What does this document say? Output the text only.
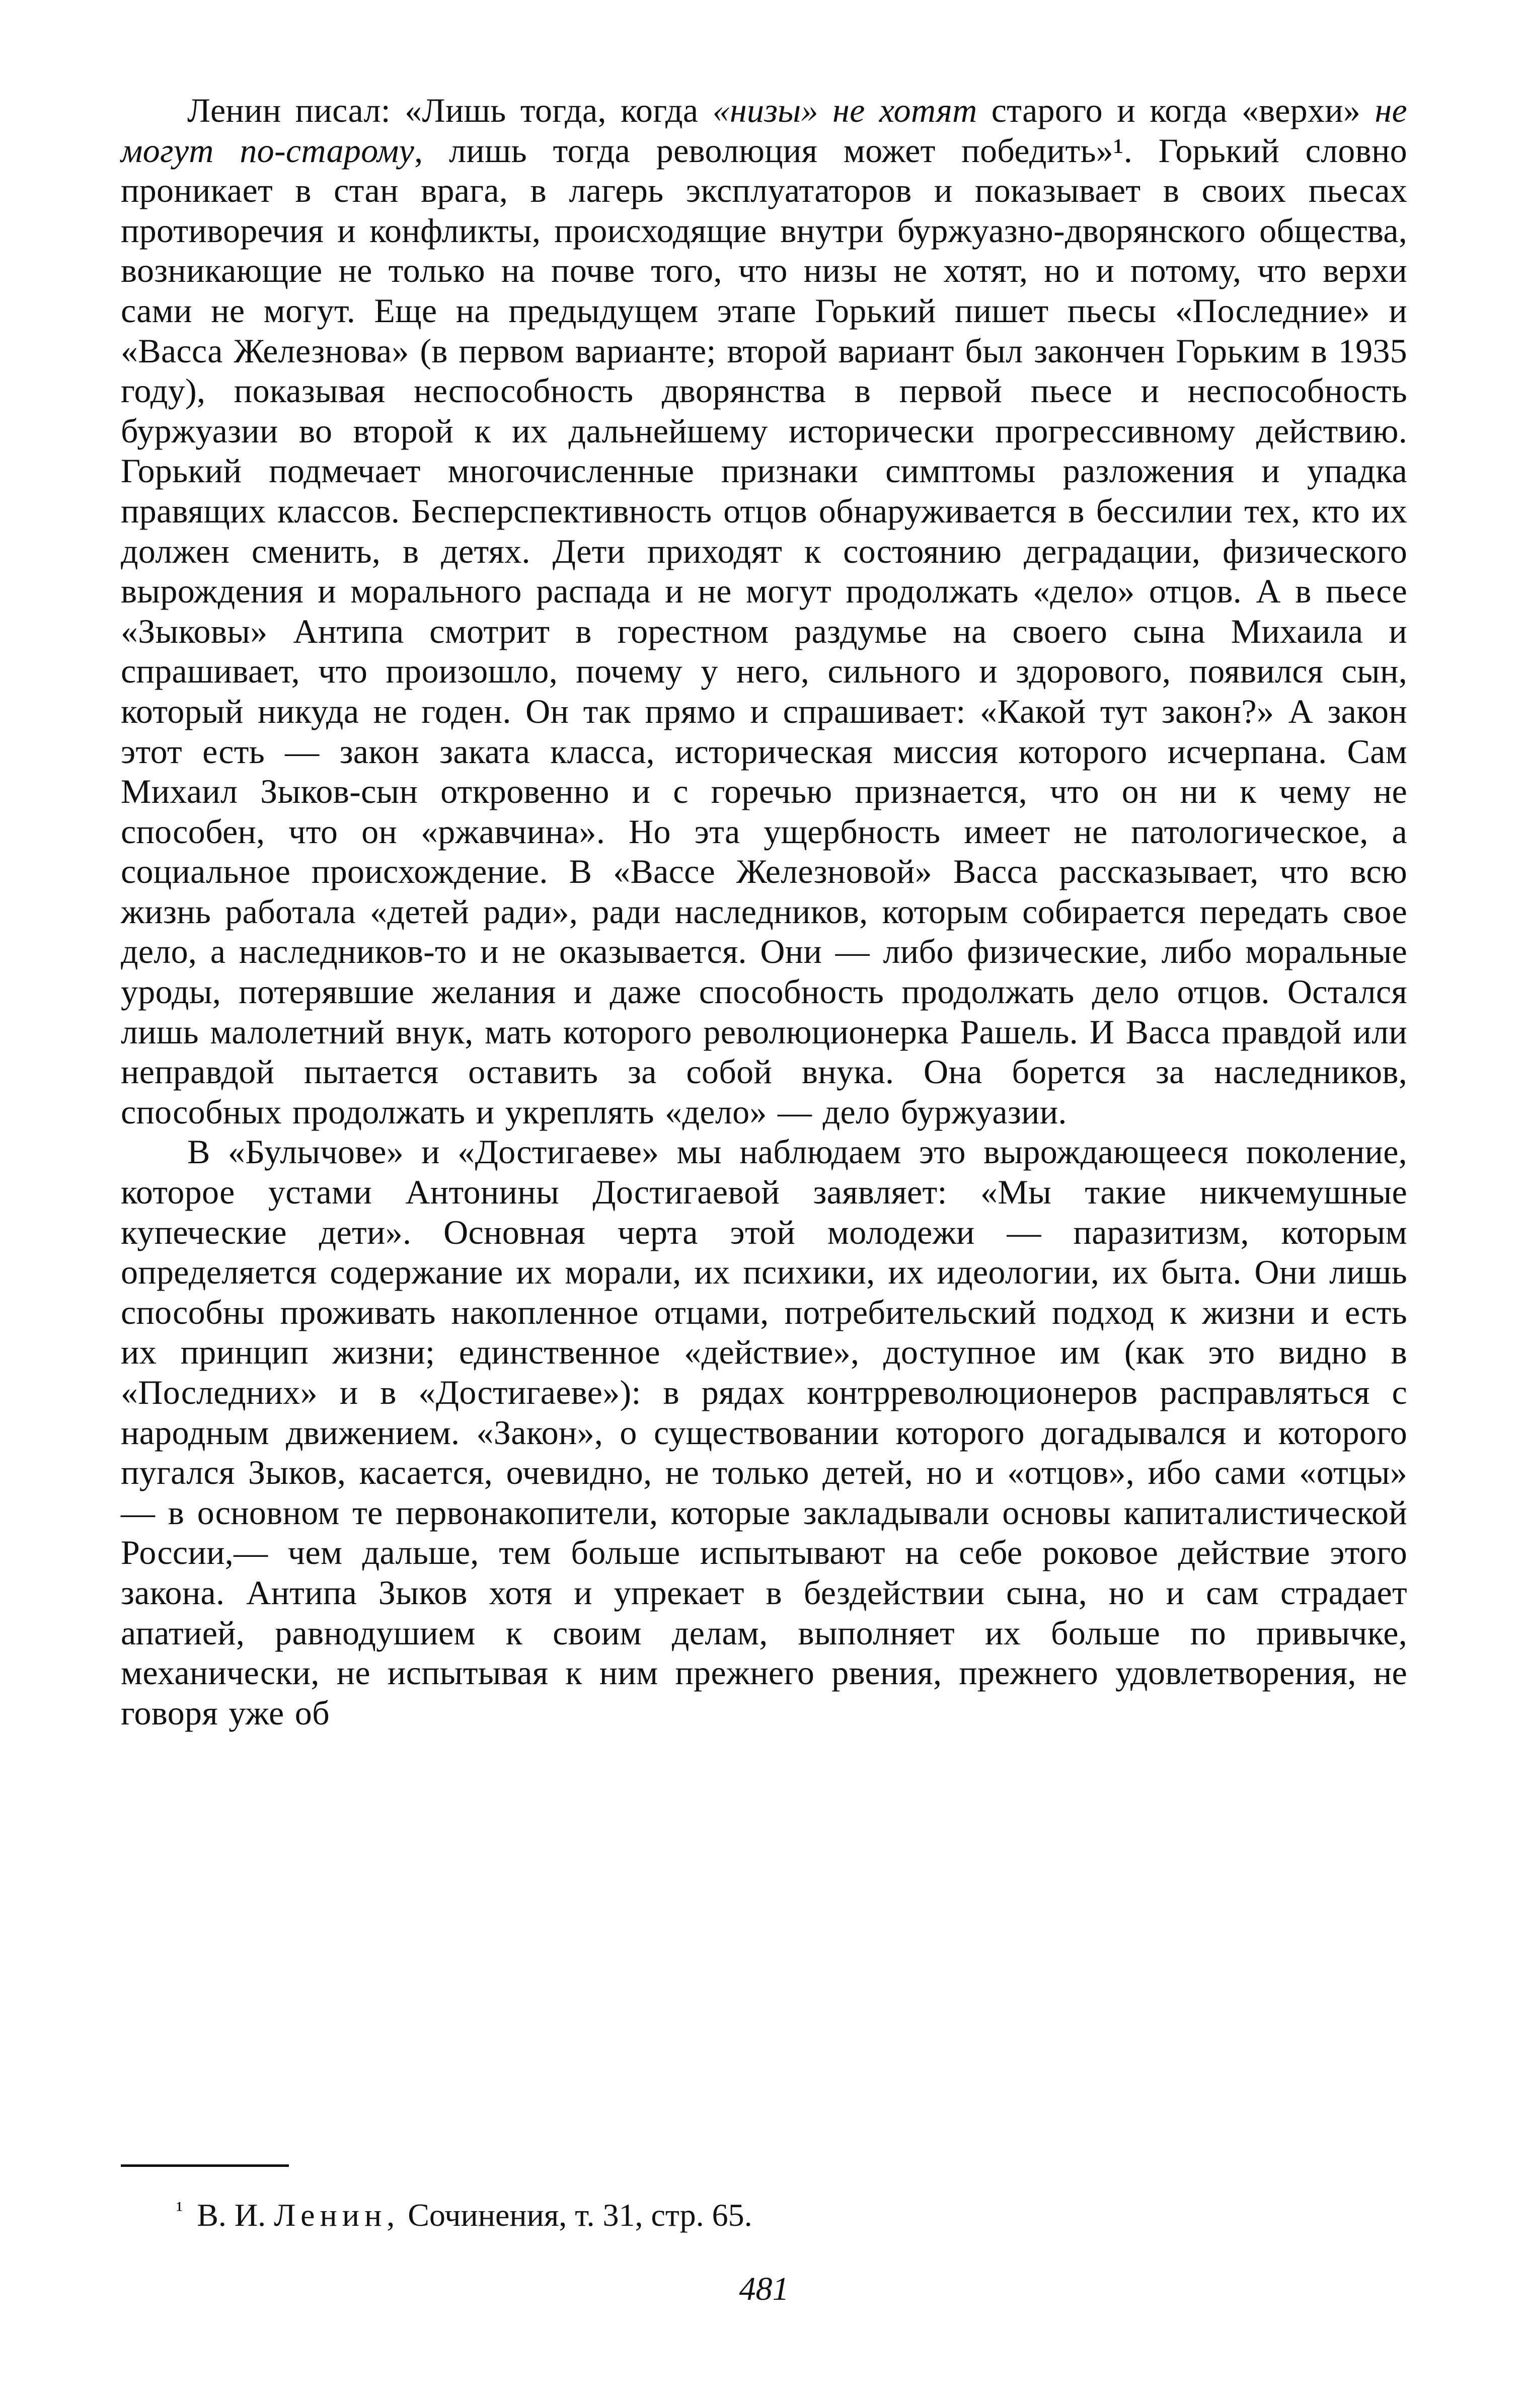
Ленин писал: «Лишь тогда, когда «низы» не хотят старого и когда «верхи» не могут по-старому, лишь тогда революция может победить»¹. Горький словно проникает в стан врага, в лагерь эксплуататоров и показывает в своих пьесах противоречия и конфликты, происходящие внутри буржуазно-дворянского общества, возникающие не только на почве того, что низы не хотят, но и потому, что верхи сами не могут. Еще на предыдущем этапе Горький пишет пьесы «Последние» и «Васса Железнова» (в первом варианте; второй вариант был закончен Горьким в 1935 году), показывая неспособность дворянства в первой пьесе и неспособность буржуазии во второй к их дальнейшему исторически прогрессивному действию. Горький подмечает многочисленные признаки симптомы разложения и упадка правящих классов. Бесперспективность отцов обнаруживается в бессилии тех, кто их должен сменить, в детях. Дети приходят к состоянию деградации, физического вырождения и морального распада и не могут продолжать «дело» отцов. А в пьесе «Зыковы» Антипа смотрит в горестном раздумье на своего сына Михаила и спрашивает, что произошло, почему у него, сильного и здорового, появился сын, который никуда не годен. Он так прямо и спрашивает: «Какой тут закон?» А закон этот есть — закон заката класса, историческая миссия которого исчерпана. Сам Михаил Зыков-сын откровенно и с горечью признается, что он ни к чему не способен, что он «ржавчина». Но эта ущербность имеет не патологическое, а социальное происхождение. В «Вассе Железновой» Васса рассказывает, что всю жизнь работала «детей ради», ради наследников, которым собирается передать свое дело, а наследников-то и не оказывается. Они — либо физические, либо моральные уроды, потерявшие желания и даже способность продолжать дело отцов. Остался лишь малолетний внук, мать которого революционерка Рашель. И Васса правдой или неправдой пытается оставить за собой внука. Она борется за наследников, способных продолжать и укреплять «дело» — дело буржуазии.

В «Булычове» и «Достигаеве» мы наблюдаем это вырождающееся поколение, которое устами Антонины Достигаевой заявляет: «Мы такие никчемушные купеческие дети». Основная черта этой молодежи — паразитизм, которым определяется содержание их морали, их психики, их идеологии, их быта. Они лишь способны проживать накопленное отцами, потребительский подход к жизни и есть их принцип жизни; единственное «действие», доступное им (как это видно в «Последних» и в «Достигаеве»): в рядах контрреволюционеров расправляться с народным движением. «Закон», о существовании которого догадывался и которого пугался Зыков, касается, очевидно, не только детей, но и «отцов», ибо сами «отцы» — в основном те первонакопители, которые закладывали основы капиталистической России,— чем дальше, тем больше испытывают на себе роковое действие этого закона. Антипа Зыков хотя и упрекает в бездействии сына, но и сам страдает апатией, равнодушием к своим делам, выполняет их больше по привычке, механически, не испытывая к ним прежнего рвения, прежнего удовлетворения, не говоря уже об

$^{^1}$ В. И. Ленин, Сочинения, т. 31, стр. 65.
481
